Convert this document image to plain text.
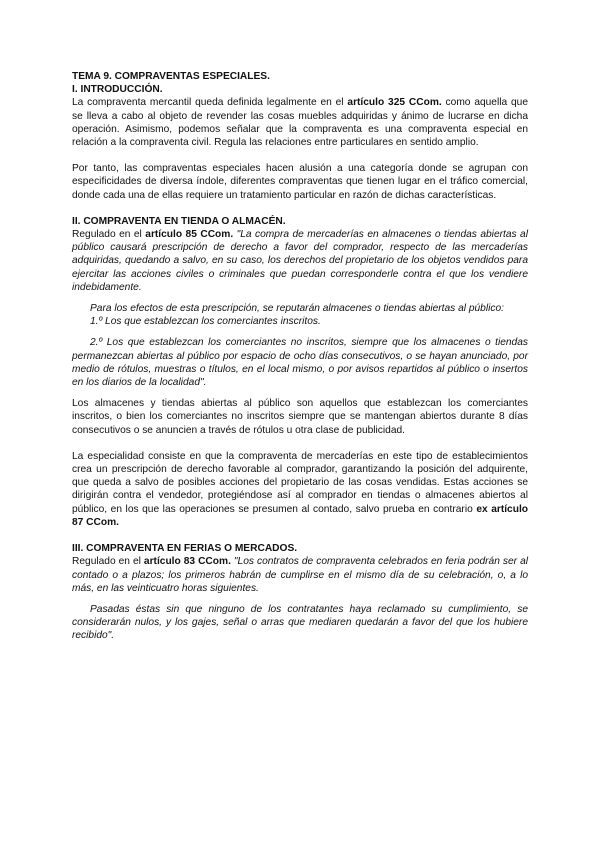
TEMA 9. COMPRAVENTAS ESPECIALES.

I. INTRODUCCIÓN.

La compraventa mercantil queda definida legalmente en el artículo 325 CCom. como aquella que se lleva a cabo al objeto de revender las cosas muebles adquiridas y ánimo de lucrarse en dicha operación. Asimismo, podemos señalar que la compraventa es una compraventa especial en relación a la compraventa civil. Regula las relaciones entre particulares en sentido amplio.

Por tanto, las compraventas especiales hacen alusión a una categoría donde se agrupan con especificidades de diversa índole, diferentes compraventas que tienen lugar en el tráfico comercial, donde cada una de ellas requiere un tratamiento particular en razón de dichas características.

II. COMPRAVENTA EN TIENDA O ALMACÉN.

Regulado en el artículo 85 CCom. "La compra de mercaderías en almacenes o tiendas abiertas al público causará prescripción de derecho a favor del comprador, respecto de las mercaderías adquiridas, quedando a salvo, en su caso, los derechos del propietario de los objetos vendidos para ejercitar las acciones civiles o criminales que puedan corresponderle contra el que los vendiere indebidamente.

Para los efectos de esta prescripción, se reputarán almacenes o tiendas abiertas al público:

1.º Los que establezcan los comerciantes inscritos.

2.º Los que establezcan los comerciantes no inscritos, siempre que los almacenes o tiendas permanezcan abiertas al público por espacio de ocho días consecutivos, o se hayan anunciado, por medio de rótulos, muestras o títulos, en el local mismo, o por avisos repartidos al público o insertos en los diarios de la localidad".

Los almacenes y tiendas abiertas al público son aquellos que establezcan los comerciantes inscritos, o bien los comerciantes no inscritos siempre que se mantengan abiertos durante 8 días consecutivos o se anuncien a través de rótulos u otra clase de publicidad.

La especialidad consiste en que la compraventa de mercaderías en este tipo de establecimientos crea un prescripción de derecho favorable al comprador, garantizando la posición del adquirente, que queda a salvo de posibles acciones del propietario de las cosas vendidas. Estas acciones se dirigirán contra el vendedor, protegiéndose así al comprador en tiendas o almacenes abiertos al público, en los que las operaciones se presumen al contado, salvo prueba en contrario ex artículo 87 CCom.

III. COMPRAVENTA EN FERIAS O MERCADOS.

Regulado en el artículo 83 CCom. "Los contratos de compraventa celebrados en feria podrán ser al contado o a plazos; los primeros habrán de cumplirse en el mismo día de su celebración, o, a lo más, en las veinticuatro horas siguientes.

Pasadas éstas sin que ninguno de los contratantes haya reclamado su cumplimiento, se considerarán nulos, y los gajes, señal o arras que mediaren quedarán a favor del que los hubiere recibido".
